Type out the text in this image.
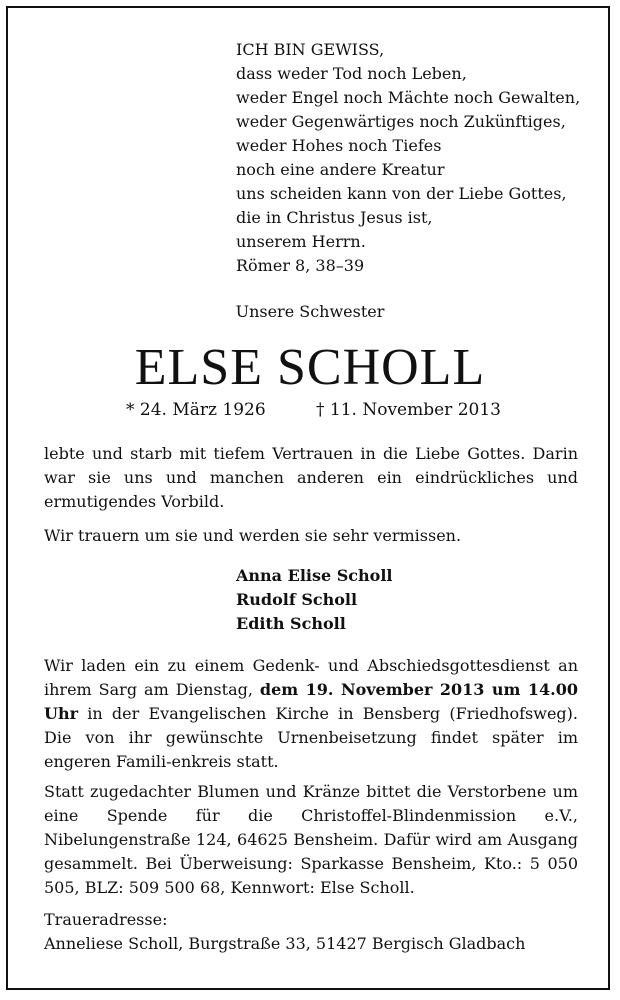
ICH BIN GEWISS,
dass weder Tod noch Leben,
weder Engel noch Mächte noch Gewalten,
weder Gegenwärtiges noch Zukünftiges,
weder Hohes noch Tiefes
noch eine andere Kreatur
uns scheiden kann von der Liebe Gottes,
die in Christus Jesus ist,
unserem Herrn.
Römer 8, 38–39
Unsere Schwester
ELSE SCHOLL
* 24. März 1926	† 11. November 2013
lebte und starb mit tiefem Vertrauen in die Liebe Gottes. Darin war sie uns und manchen anderen ein eindrückliches und ermutigendes Vorbild.
Wir trauern um sie und werden sie sehr vermissen.
Anna Elise Scholl
Rudolf Scholl
Edith Scholl
Wir laden ein zu einem Gedenk- und Abschiedsgottesdienst an ihrem Sarg am Dienstag, dem 19. November 2013 um 14.00 Uhr in der Evangelischen Kirche in Bensberg (Friedhofsweg). Die von ihr gewünschte Urnenbeisetzung findet später im engeren Famili-enkreis statt.
Statt zugedachter Blumen und Kränze bittet die Verstorbene um eine Spende für die Christoffel-Blindenmission e.V., Nibelungenstraße 124, 64625 Bensheim. Dafür wird am Ausgang gesammelt. Bei Überweisung: Sparkasse Bensheim, Kto.: 5 050 505, BLZ: 509 500 68, Kennwort: Else Scholl.
Traueradresse:
Anneliese Scholl, Burgstraße 33, 51427 Bergisch Gladbach
